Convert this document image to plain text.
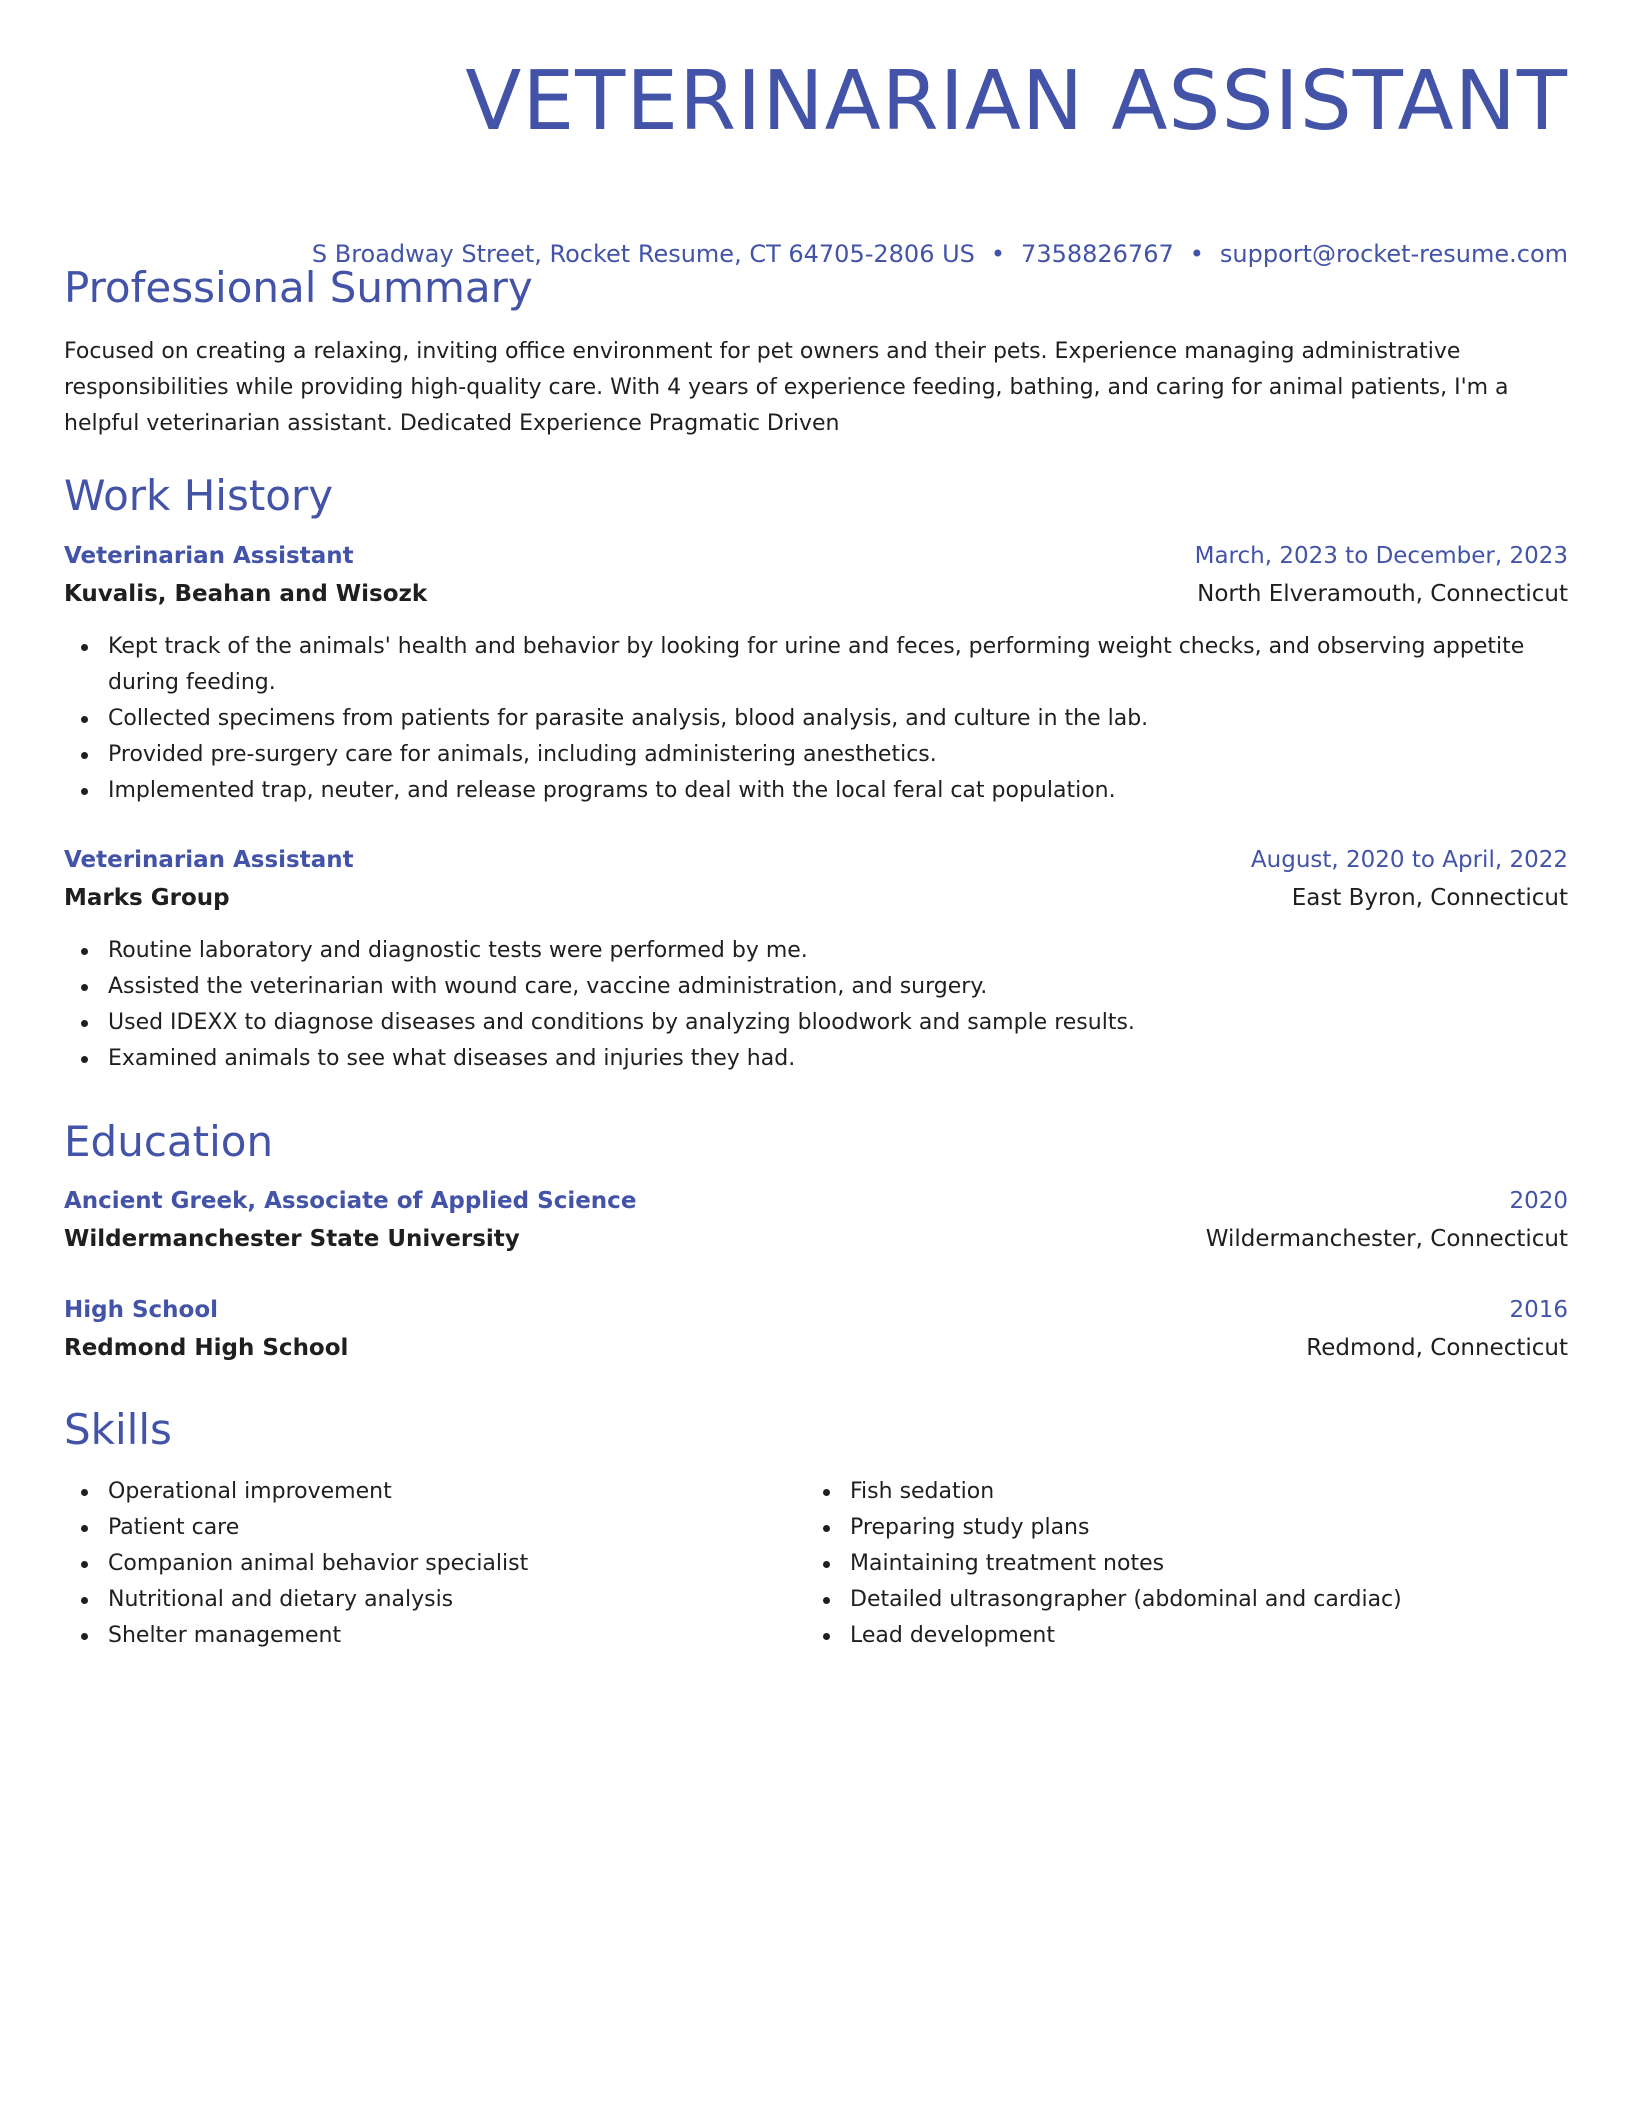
VETERINARIAN ASSISTANT
S Broadway Street, Rocket Resume, CT 64705-2806 US • 7358826767 • support@rocket-resume.com
Professional Summary

Focused on creating a relaxing, inviting office environment for pet owners and their pets. Experience managing administrative responsibilities while providing high-quality care. With 4 years of experience feeding, bathing, and caring for animal patients, I'm a helpful veterinarian assistant. Dedicated Experience Pragmatic Driven

Work History
Veterinarian Assistant	March, 2023 to December, 2023
Kuvalis, Beahan and Wisozk	North Elveramouth, Connecticut
Kept track of the animals' health and behavior by looking for urine and feces, performing weight checks, and observing appetite during feeding.
Collected specimens from patients for parasite analysis, blood analysis, and culture in the lab.
Provided pre-surgery care for animals, including administering anesthetics.
Implemented trap, neuter, and release programs to deal with the local feral cat population.
Veterinarian Assistant	August, 2020 to April, 2022
Marks Group	East Byron, Connecticut
Routine laboratory and diagnostic tests were performed by me.
Assisted the veterinarian with wound care, vaccine administration, and surgery.
Used IDEXX to diagnose diseases and conditions by analyzing bloodwork and sample results.
Examined animals to see what diseases and injuries they had.
Education
Ancient Greek, Associate of Applied Science	2020
Wildermanchester State University	Wildermanchester, Connecticut
High School	2016
Redmond High School	Redmond, Connecticut
Skills
Operational improvement
Patient care
Companion animal behavior specialist
Nutritional and dietary analysis
Shelter management
Fish sedation
Preparing study plans
Maintaining treatment notes
Detailed ultrasongrapher (abdominal and cardiac)
Lead development
